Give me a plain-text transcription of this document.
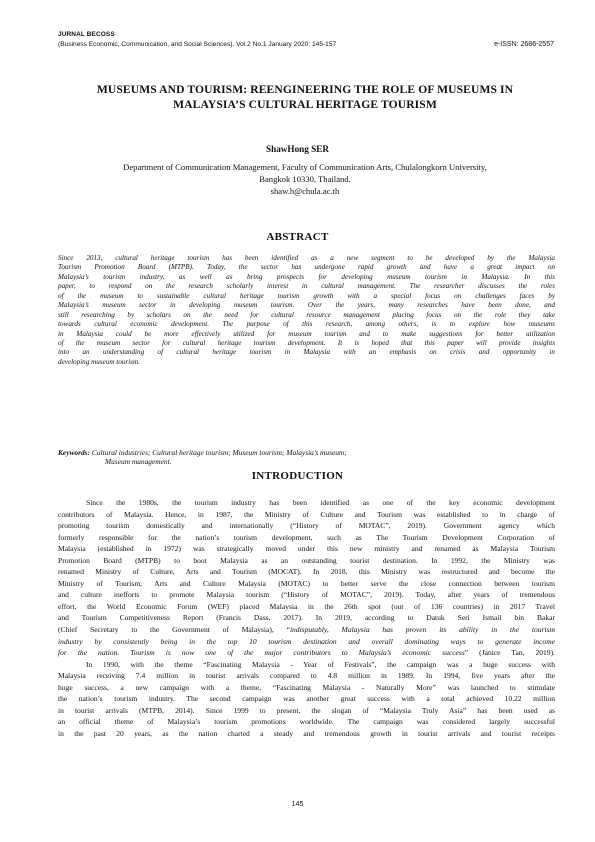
JURNAL BECOSS
(Business Economic, Communication, and Social Sciences), Vol.2 No.1 January 2020: 145-157	e-ISSN: 2686-2557
MUSEUMS AND TOURISM: REENGINEERING THE ROLE OF MUSEUMS IN
MALAYSIA’S CULTURAL HERITAGE TOURISM
ShawHong SER
Department of Communication Management, Faculty of Communication Arts, Chulalongkorn University,
Bangkok 10330, Thailand.
shaw.h@chula.ac.th
ABSTRACT
Since 2013, cultural heritage tourism has been identified as a new segment to be developed by the Malaysia
Tourism Promotion Board (MTPB). Today, the sector has undergone rapid growth and have a great impact on
Malaysia’s tourism industry, as well as bring prospects for developing museum tourism in Malaysia. In this
paper, to respond on the research scholarly interest in cultural management. The researcher discusses the roles
of the museum to sustainable cultural heritage tourism growth with a special focus on challenges faces by
Malaysia’s museum sector in developing museum tourism. Over the years, many researches have been done, and
still researching by scholars on the need for cultural resource management placing focus on the role they take
towards cultural economic development. The purpose of this research, among others, is to explore how museums
in Malaysia could be more effectively utilized for museum tourism and to make suggestions for better utilization
of the museum sector for cultural heritage tourism development. It is hoped that this paper will provide insights
into an understanding of cultural heritage tourism in Malaysia with an emphasis on crisis and opportunity in
developing museum tourism.
Keywords: Cultural industries; Cultural heritage tourism; Museum tourism; Malaysia’s museum;
Museum management.
INTRODUCTION
Since the 1980s, the tourism industry has been identified as one of the key economic development
contributors of Malaysia. Hence, in 1987, the Ministry of Culture and Tourism was established to in charge of
promoting tourism domestically and internationally (“History of MOTAC”, 2019). Government agency which
formerly responsible for the nation’s tourism development, such as The Tourism Development Corporation of
Malaysia (established in 1972) was strategically moved under this new ministry and renamed as Malaysia Tourism
Promotion Board (MTPB) to boot Malaysia as an outstanding tourist destination. In 1992, the Ministry was
renamed Ministry of Culture, Arts and Tourism (MOCAT). In 2018, this Ministry was restructured and become the
Ministry of Tourism, Arts and Culture Malaysia (MOTAC) to better serve the close connection between tourism
and culture inefforts to promote Malaysia tourism (“History of MOTAC”, 2019). Today, after years of tremendous
effort, the World Economic Forum (WEF) placed Malaysia in the 26th spot (out of 136 countries) in 2017 Travel
and Tourism Competitiveness Report (Francis Dass, 2017). In 2019, according to Datuk Seri Ismail bin Bakar
(Chief Secretary to the Government of Malaysia), “indisputably, Malaysia has proven its ability in the tourism
industry by consistently being in the top 10 tourism destination and overall dominating ways to generate income
for the nation. Tourism is now one of the major contributors to Malaysia’s economic success” (Janice Tan, 2019).
In 1990, with the theme “Fascinating Malaysia - Year of Festivals”, the campaign was a huge success with
Malaysia receiving 7.4 million in tourist arrivals compared to 4.8 million in 1989. In 1994, five years after the
huge success, a new campaign with a theme, “Fascinating Malaysia - Naturally More” was launched to stimulate
the nation’s tourism industry. The second campaign was another great success with a total achieved 10.22 million
in tourist arrivals (MTPB, 2014). Since 1999 to present, the slogan of “Malaysia Truly Asia” has been used as
an official theme of Malaysia’s tourism promotions worldwide. The campaign was considered largely successful
in the past 20 years, as the nation charted a steady and tremendous growth in tourist arrivals and tourist receipts
145
